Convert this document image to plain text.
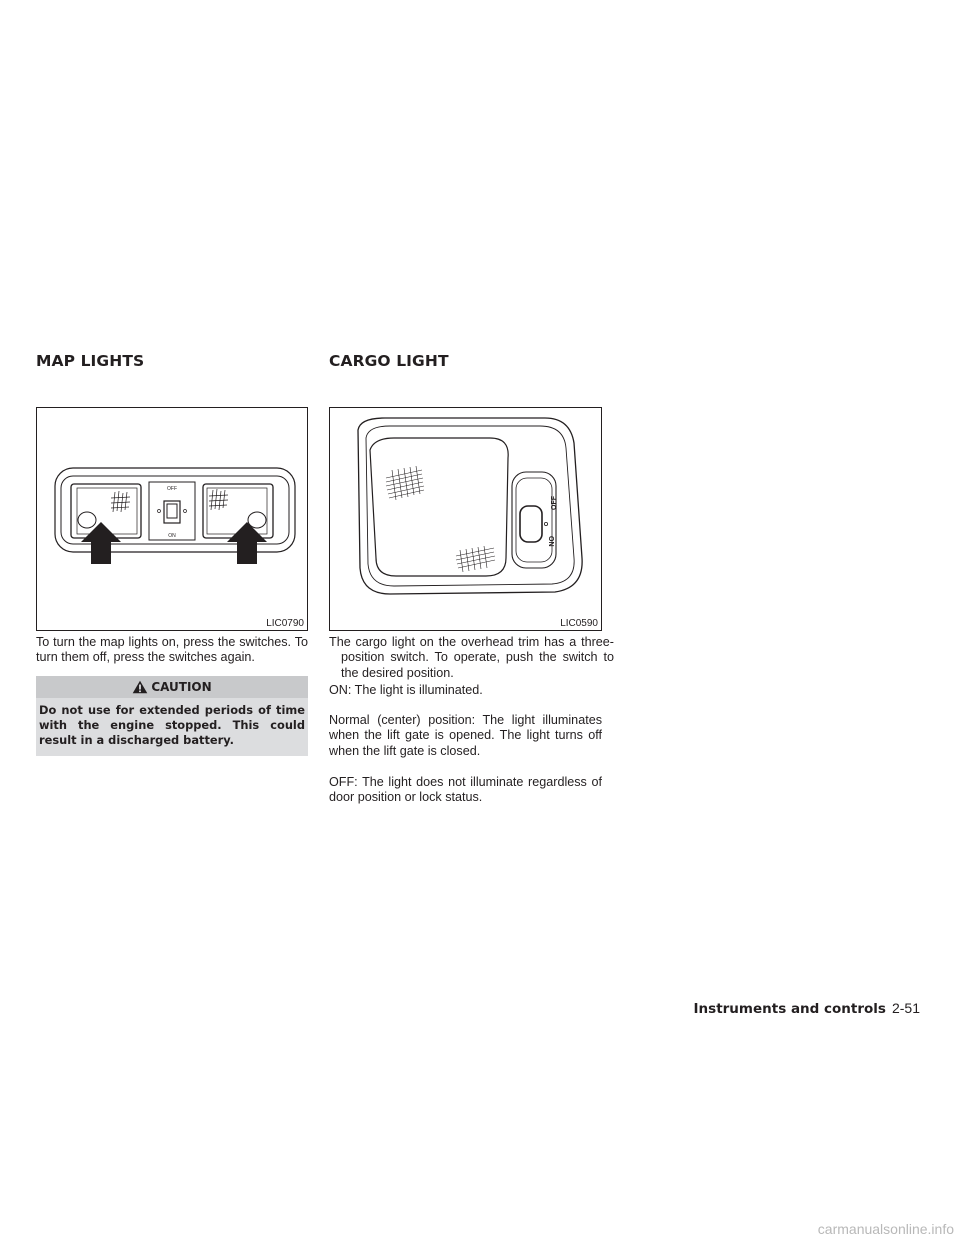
MAP LIGHTS
OFF
ON
LIC0790

To turn the map lights on, press the switches. To turn them off, press the switches again.

CAUTION

Do not use for extended periods of time with the engine stopped. This could result in a discharged battery.

CARGO LIGHT
OFF
ON
LIC0590

The cargo light on the overhead trim has a three-position switch. To operate, push the switch to the desired position.

ON: The light is illuminated.

Normal (center) position: The light illuminates when the lift gate is opened. The light turns off when the lift gate is closed.

OFF: The light does not illuminate regardless of door position or lock status.

Instruments and controls 2-51
carmanualsonline.info
